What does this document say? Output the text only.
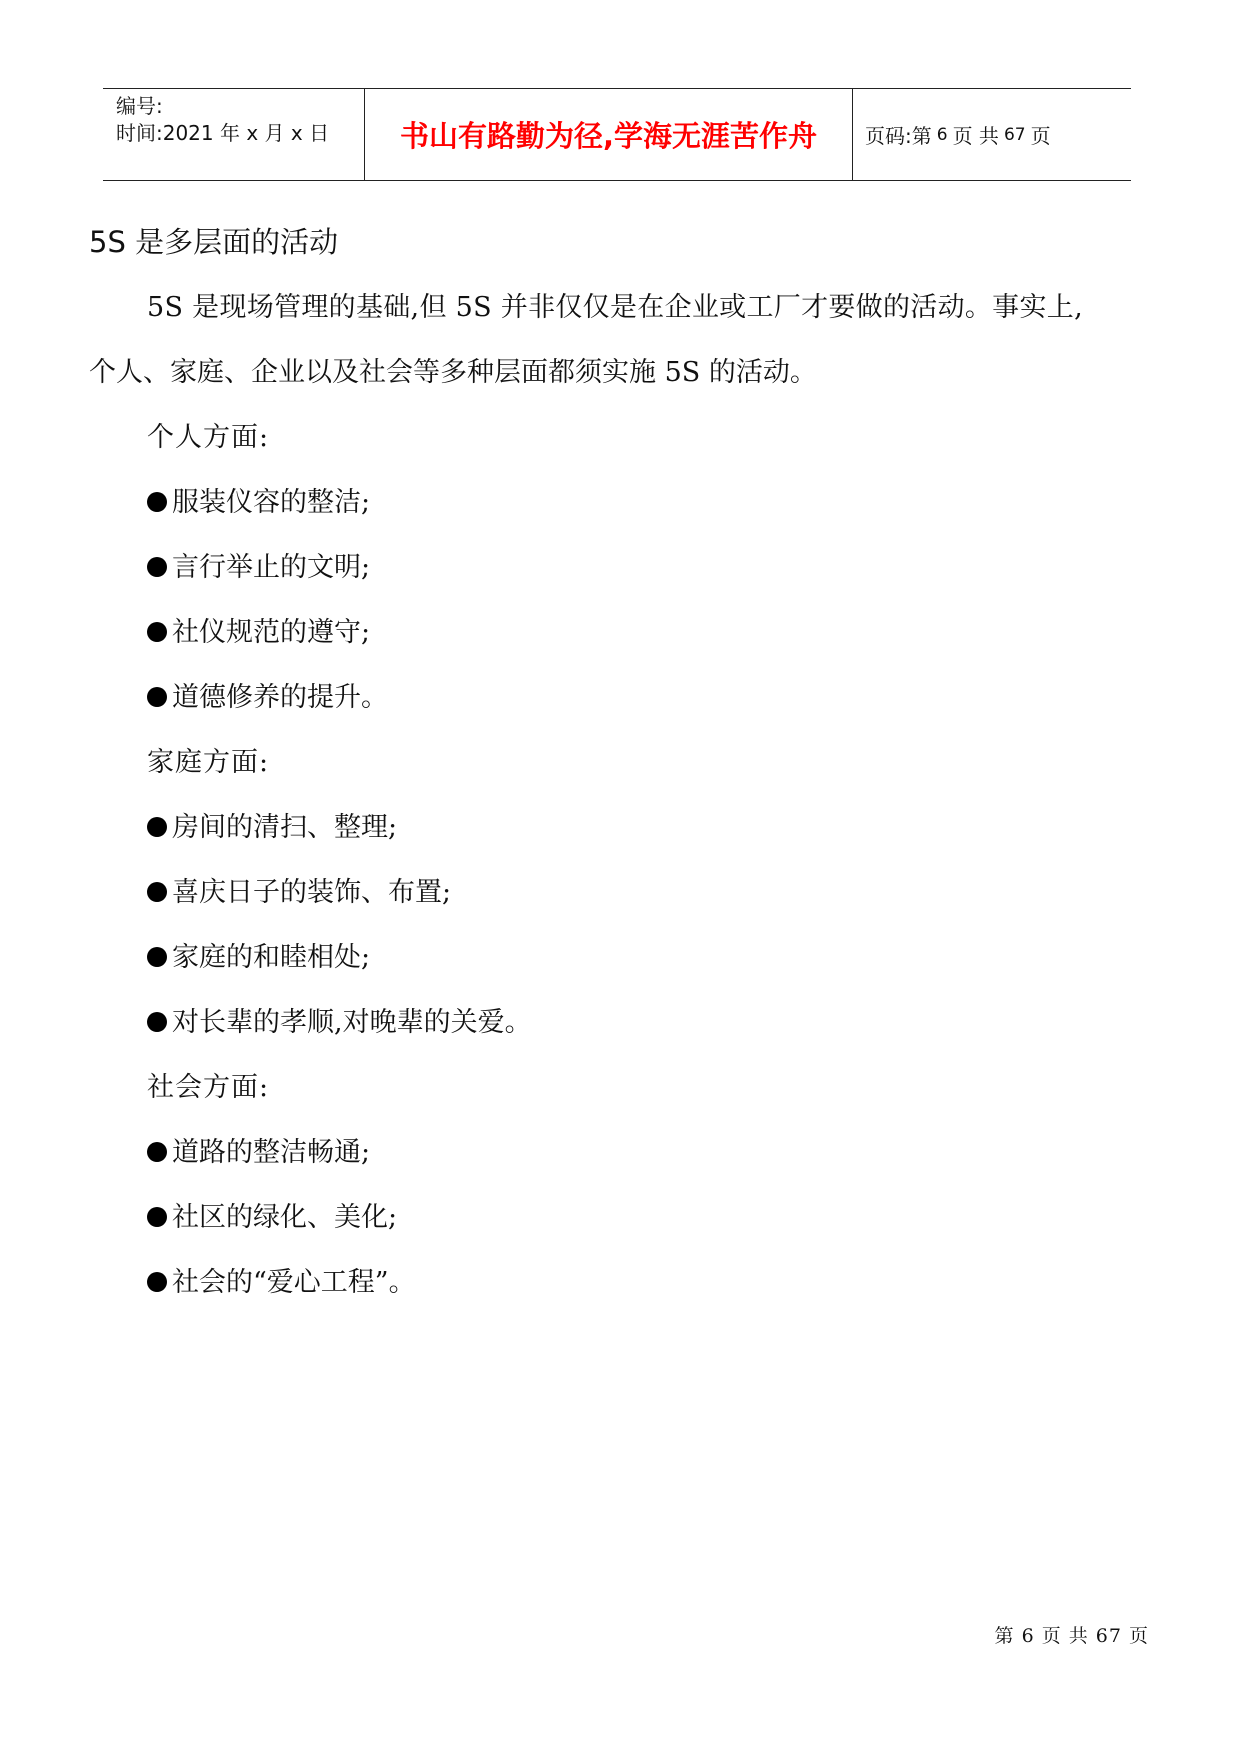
编号:
时间:2021 年 x 月 x 日	书山有路勤为径,学海无涯苦作舟	页码:第 6 页 共 67 页
5S 是多层面的活动
5S 是现场管理的基础,但 5S 并非仅仅是在企业或工厂才要做的活动。事实上,
个人、家庭、企业以及社会等多种层面都须实施 5S 的活动。
个人方面:
服装仪容的整洁;
言行举止的文明;
社仪规范的遵守;
道德修养的提升。
家庭方面:
房间的清扫、整理;
喜庆日子的装饰、布置;
家庭的和睦相处;
对长辈的孝顺,对晚辈的关爱。
社会方面:
道路的整洁畅通;
社区的绿化、美化;
社会的“爱心工程”。
第 6 页 共 67 页
